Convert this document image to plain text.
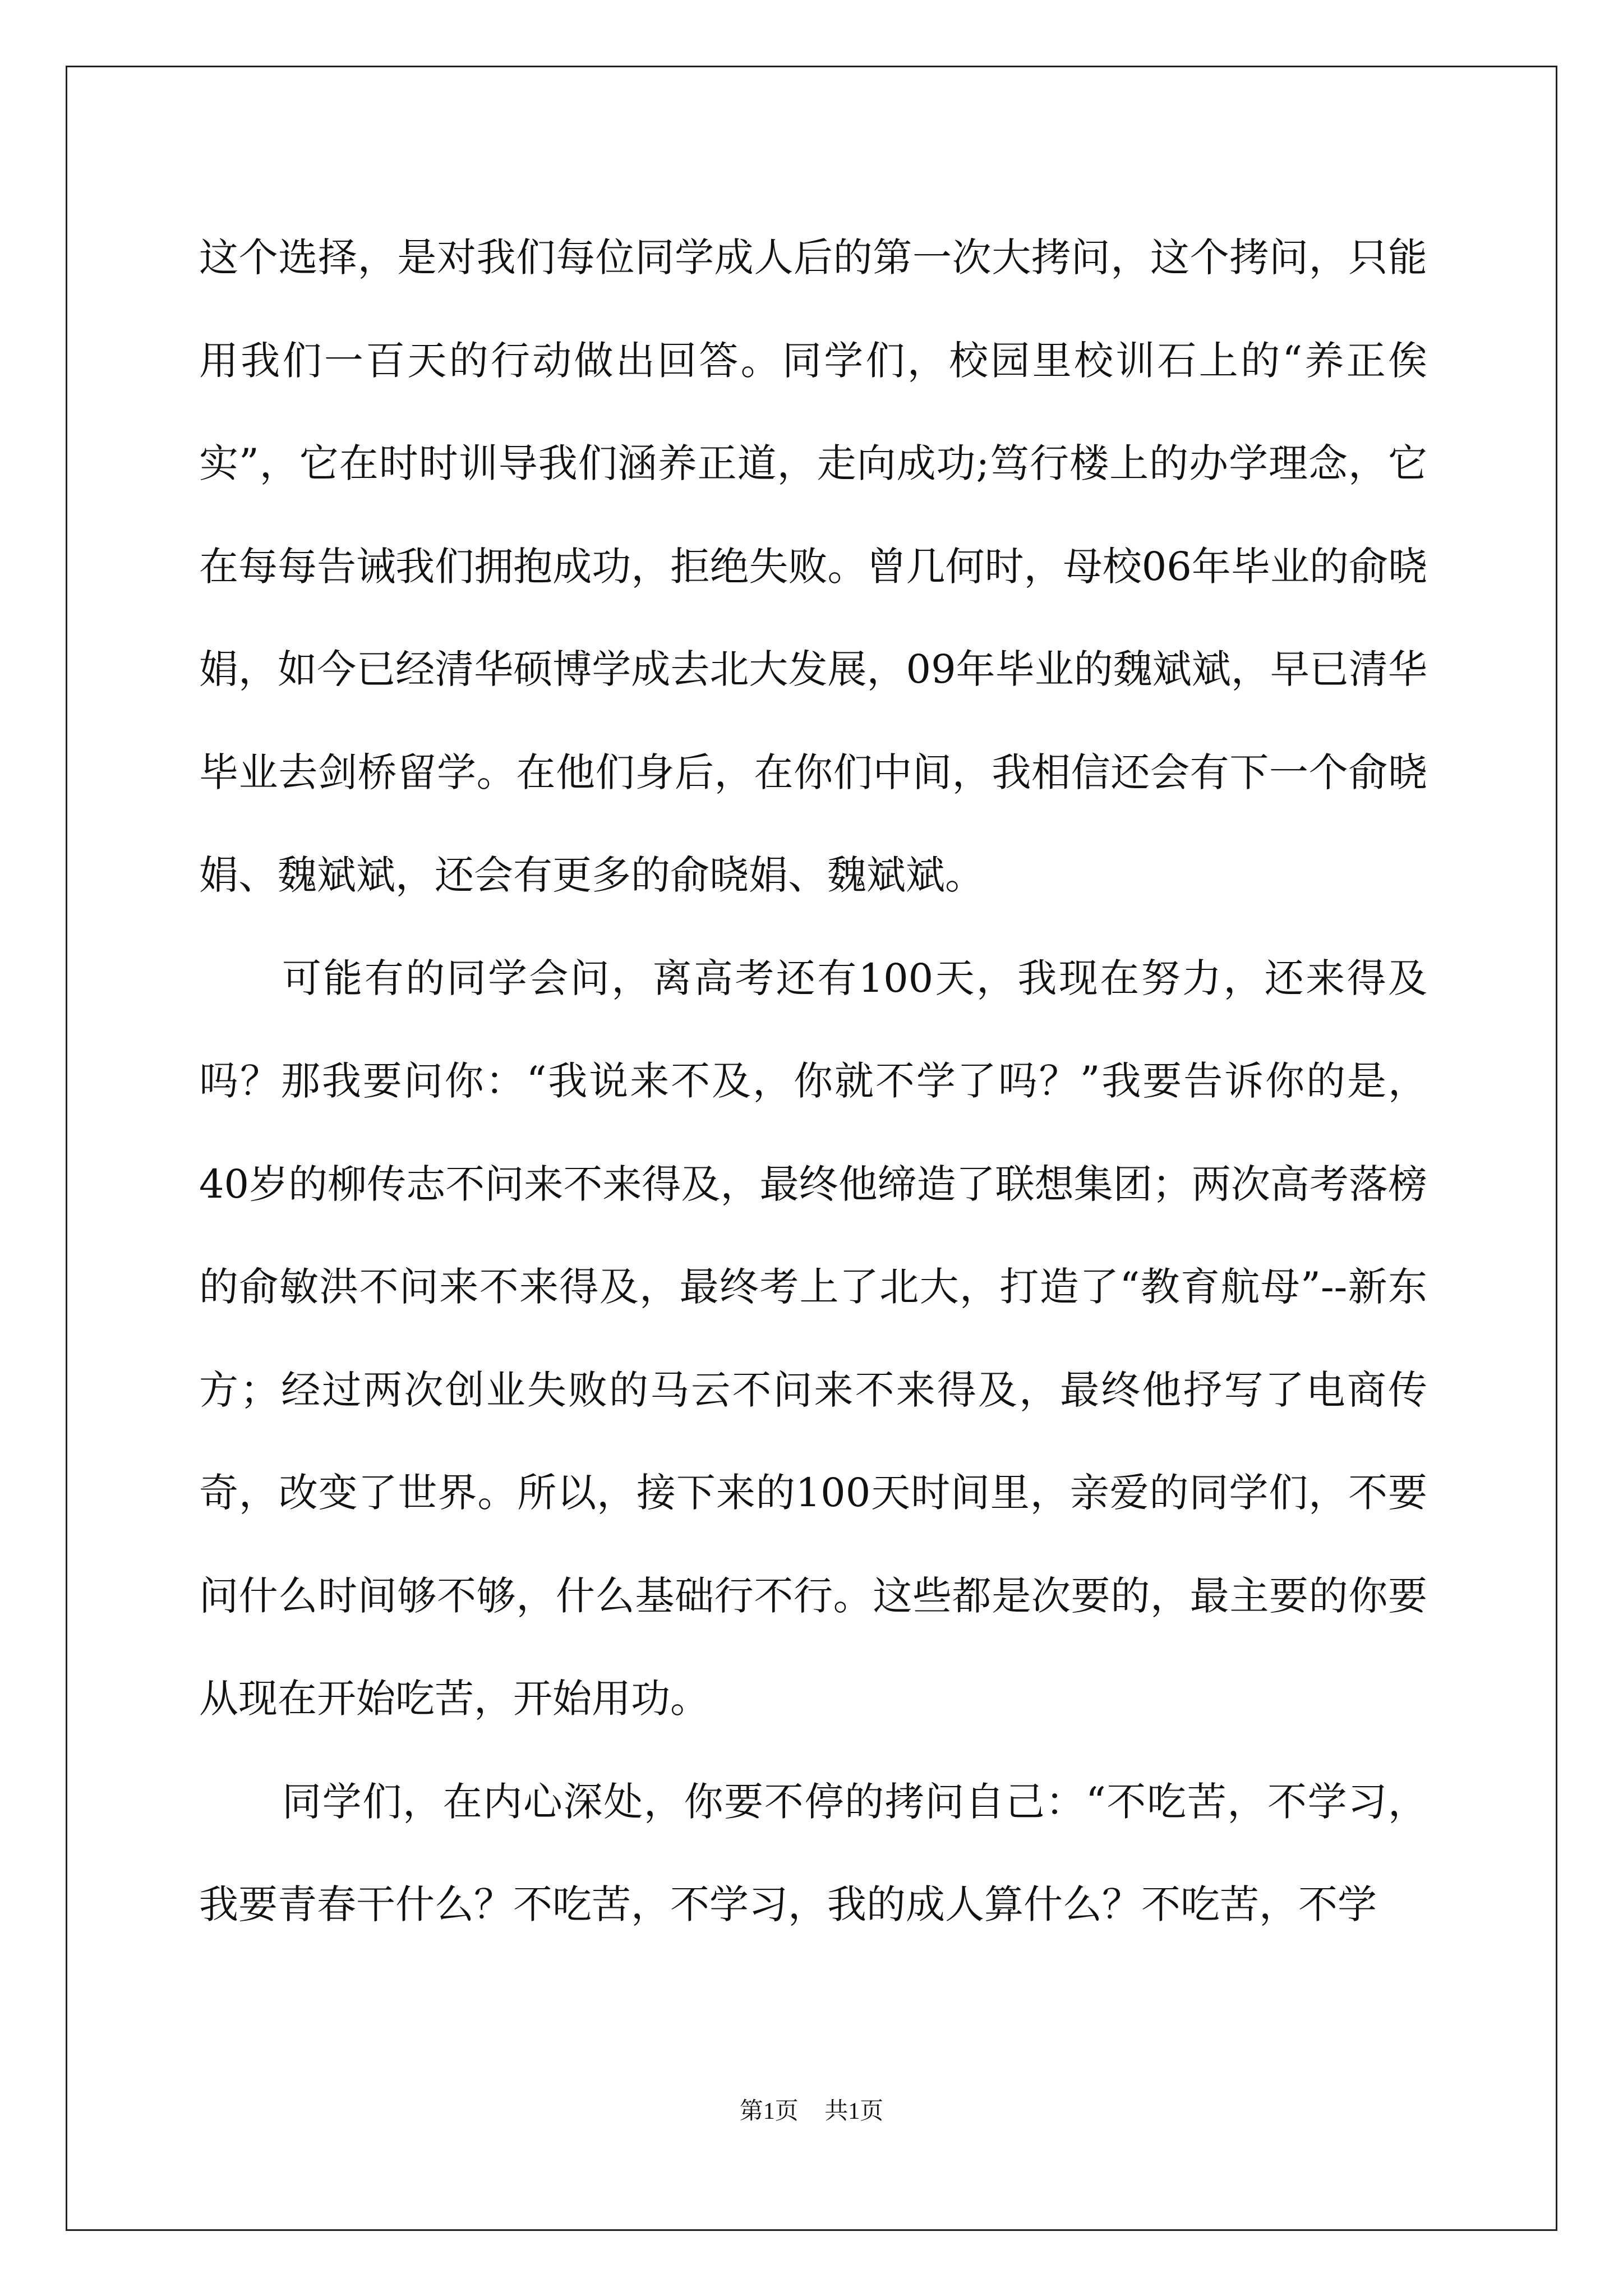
这个选择，是对我们每位同学成人后的第一次大拷问，这个拷问，只能用我们一百天的行动做出回答。同学们，校园里校训石上的“养正俟实”，它在时时训导我们涵养正道，走向成功;笃行楼上的办学理念，它在每每告诫我们拥抱成功，拒绝失败。曾几何时，母校06年毕业的俞晓娟，如今已经清华硕博学成去北大发展，09年毕业的魏斌斌，早已清华毕业去剑桥留学。在他们身后，在你们中间，我相信还会有下一个俞晓娟、魏斌斌，还会有更多的俞晓娟、魏斌斌。

可能有的同学会问，离高考还有100天，我现在努力，还来得及吗？那我要问你：“我说来不及，你就不学了吗？”我要告诉你的是，40岁的柳传志不问来不来得及，最终他缔造了联想集团；两次高考落榜的俞敏洪不问来不来得及，最终考上了北大，打造了“教育航母”--新东方；经过两次创业失败的马云不问来不来得及，最终他抒写了电商传奇，改变了世界。所以，接下来的100天时间里，亲爱的同学们，不要问什么时间够不够，什么基础行不行。这些都是次要的，最主要的你要从现在开始吃苦，开始用功。

同学们，在内心深处，你要不停的拷问自己：“不吃苦，不学习，我要青春干什么？不吃苦，不学习，我的成人算什么？不吃苦，不学

第1页 共1页
